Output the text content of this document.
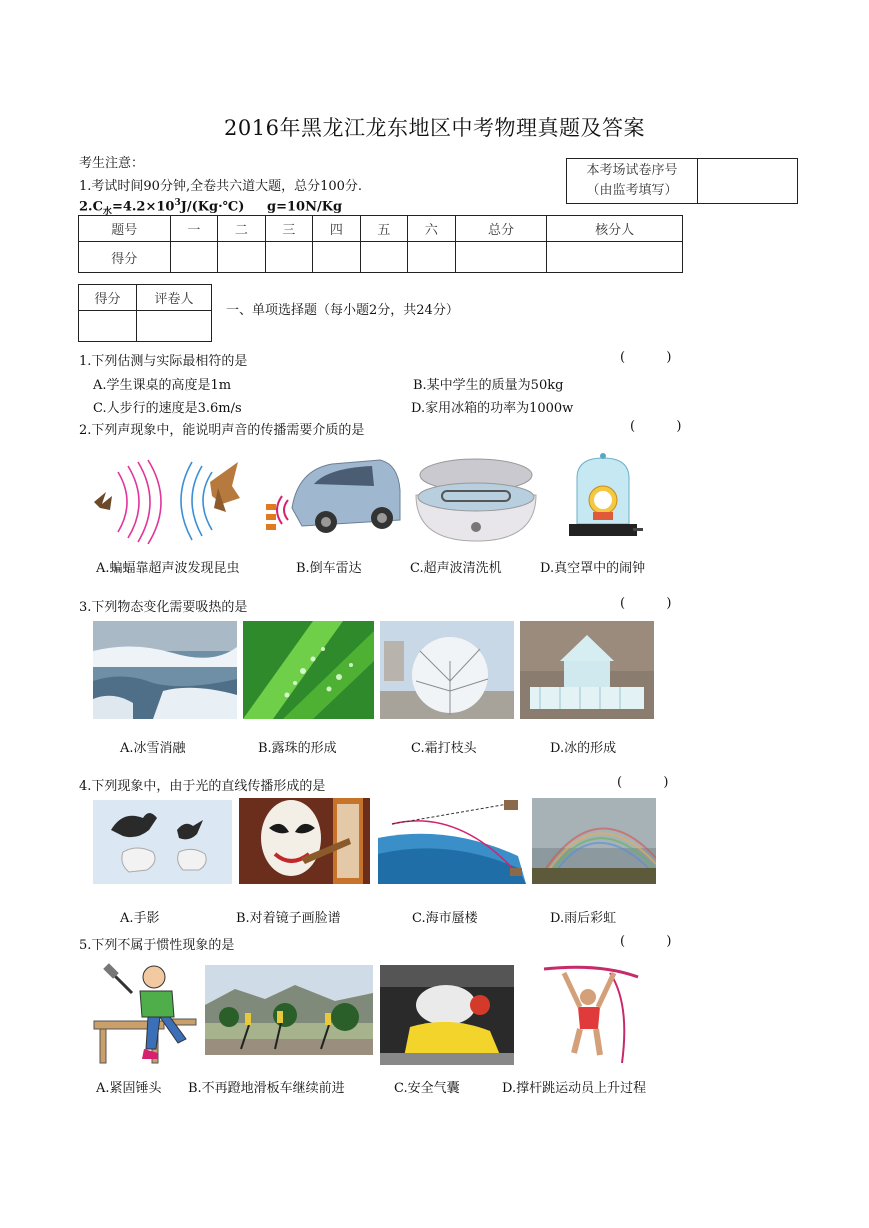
2016年黑龙江龙东地区中考物理真题及答案
考生注意：
1.考试时间90分钟,全卷共六道大题，总分100分.
$2.C_水=4.2\times 10^3J/(Kg\cdot℃)$     g=10N/Kg
本考场试卷序号
（由监考填写）

题号	一	二	三	四	五	六	总分	核分人
得分								
得分	评卷人

一、单项选择题（每小题2分，共24分）
1.下列估测与实际最相符的是	(          )
A.学生课桌的高度是1m	B.某中学生的质量为50kg
C.人步行的速度是3.6m/s	D.家用冰箱的功率为1000w
2.下列声现象中，能说明声音的传播需要介质的是	(          )
A.蝙蝠靠超声波发现昆虫	B.倒车雷达	C.超声波清洗机	D.真空罩中的闹钟
3.下列物态变化需要吸热的是	(          )
A.冰雪消融	B.露珠的形成	C.霜打枝头	D.冰的形成
4.下列现象中，由于光的直线传播形成的是	(          )
A.手影	B.对着镜子画脸谱	C.海市蜃楼	D.雨后彩虹
5.下列不属于惯性现象的是	(          )
A.紧固锤头 B.不再蹬地滑板车继续前进	C.安全气囊	D.撑杆跳运动员上升过程
